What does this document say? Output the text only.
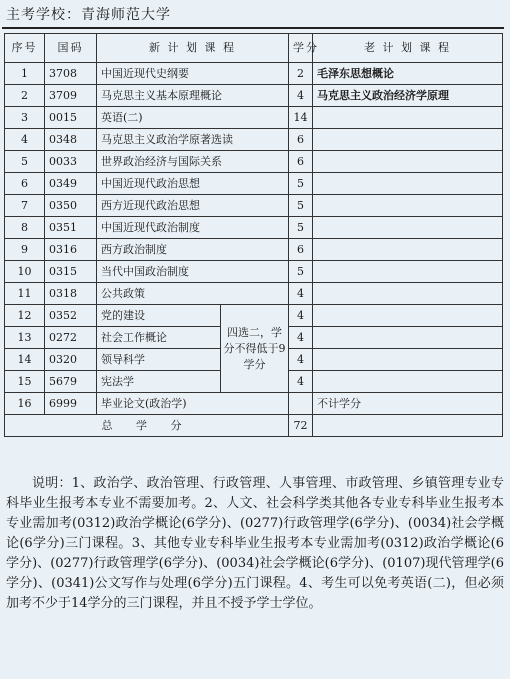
主考学校：青海师范大学
序号	国码	新 计 划 课 程		学分	老 计 划 课 程
1	3708	中国近现代史纲要		2	毛泽东思想概论
2	3709	马克思主义基本原理概论		4	马克思主义政治经济学原理
3	0015	英语(二)		14	
4	0348	马克思主义政治学原著选读		6	
5	0033	世界政治经济与国际关系		6	
6	0349	中国近现代政治思想		5	
7	0350	西方近现代政治思想		5	
8	0351	中国近现代政治制度		5	
9	0316	西方政治制度		6	
10	0315	当代中国政治制度		5	
11	0318	公共政策		4	
12	0352	党的建设	四选二，学分不得低于9学分	4	
13	0272	社会工作概论		4	
14	0320	领导科学		4	
15	5679	宪法学		4	
16	6999	毕业论文(政治学)			不计学分
总 学 分				72	
说明：1、政治学、政治管理、行政管理、人事管理、市政管理、乡镇管理专业专科毕业生报考本专业不需要加考。2、人文、社会科学类其他各专业专科毕业生报考本专业需加考(0312)政治学概论(6学分)、(0277)行政管理学(6学分)、(0034)社会学概论(6学分)三门课程。3、其他专业专科毕业生报考本专业需加考(0312)政治学概论(6学分)、(0277)行政管理学(6学分)、(0034)社会学概论(6学分)、(0107)现代管理学(6学分)、(0341)公文写作与处理(6学分)五门课程。4、考生可以免考英语(二)，但必须加考不少于14学分的三门课程，并且不授予学士学位。
